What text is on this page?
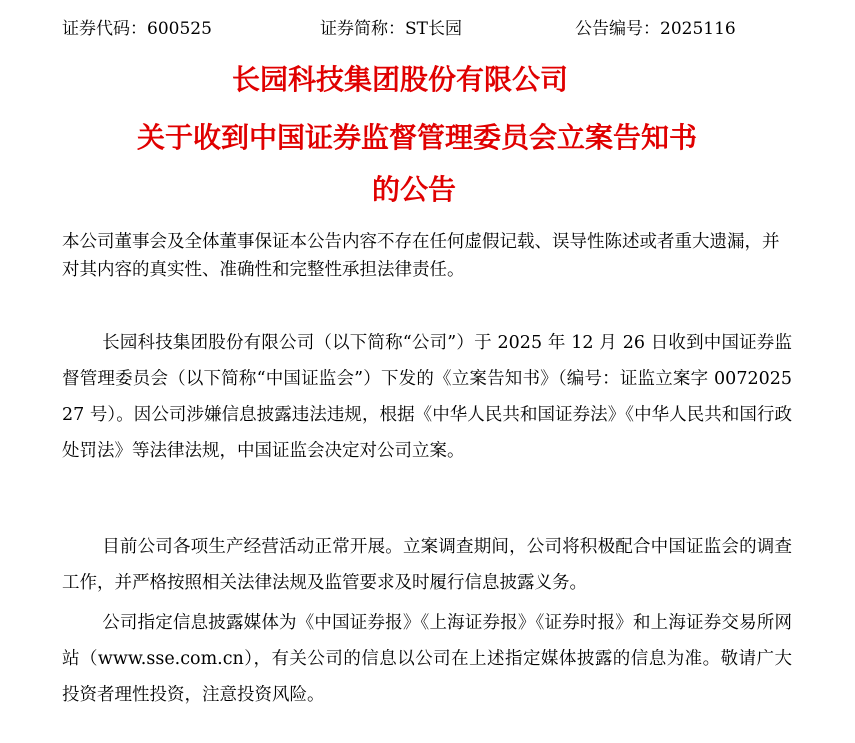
证券代码：600525	证券简称：ST长园	公告编号：2025116
长园科技集团股份有限公司
关于收到中国证券监督管理委员会立案告知书
的公告
本公司董事会及全体董事保证本公告内容不存在任何虚假记载、误导性陈述或者重大遗漏，并对其内容的真实性、准确性和完整性承担法律责任。
长园科技集团股份有限公司（以下简称“公司”）于 2025 年 12 月 26 日收到中国证券监督管理委员会（以下简称“中国证监会”）下发的《立案告知书》（编号：证监立案字 0072025 27 号）。因公司涉嫌信息披露违法违规，根据《中华人民共和国证券法》《中华人民共和国行政处罚法》等法律法规，中国证监会决定对公司立案。
目前公司各项生产经营活动正常开展。立案调查期间，公司将积极配合中国证监会的调查工作，并严格按照相关法律法规及监管要求及时履行信息披露义务。
公司指定信息披露媒体为《中国证券报》《上海证券报》《证券时报》和上海证券交易所网站（www.sse.com.cn），有关公司的信息以公司在上述指定媒体披露的信息为准。敬请广大投资者理性投资，注意投资风险。
